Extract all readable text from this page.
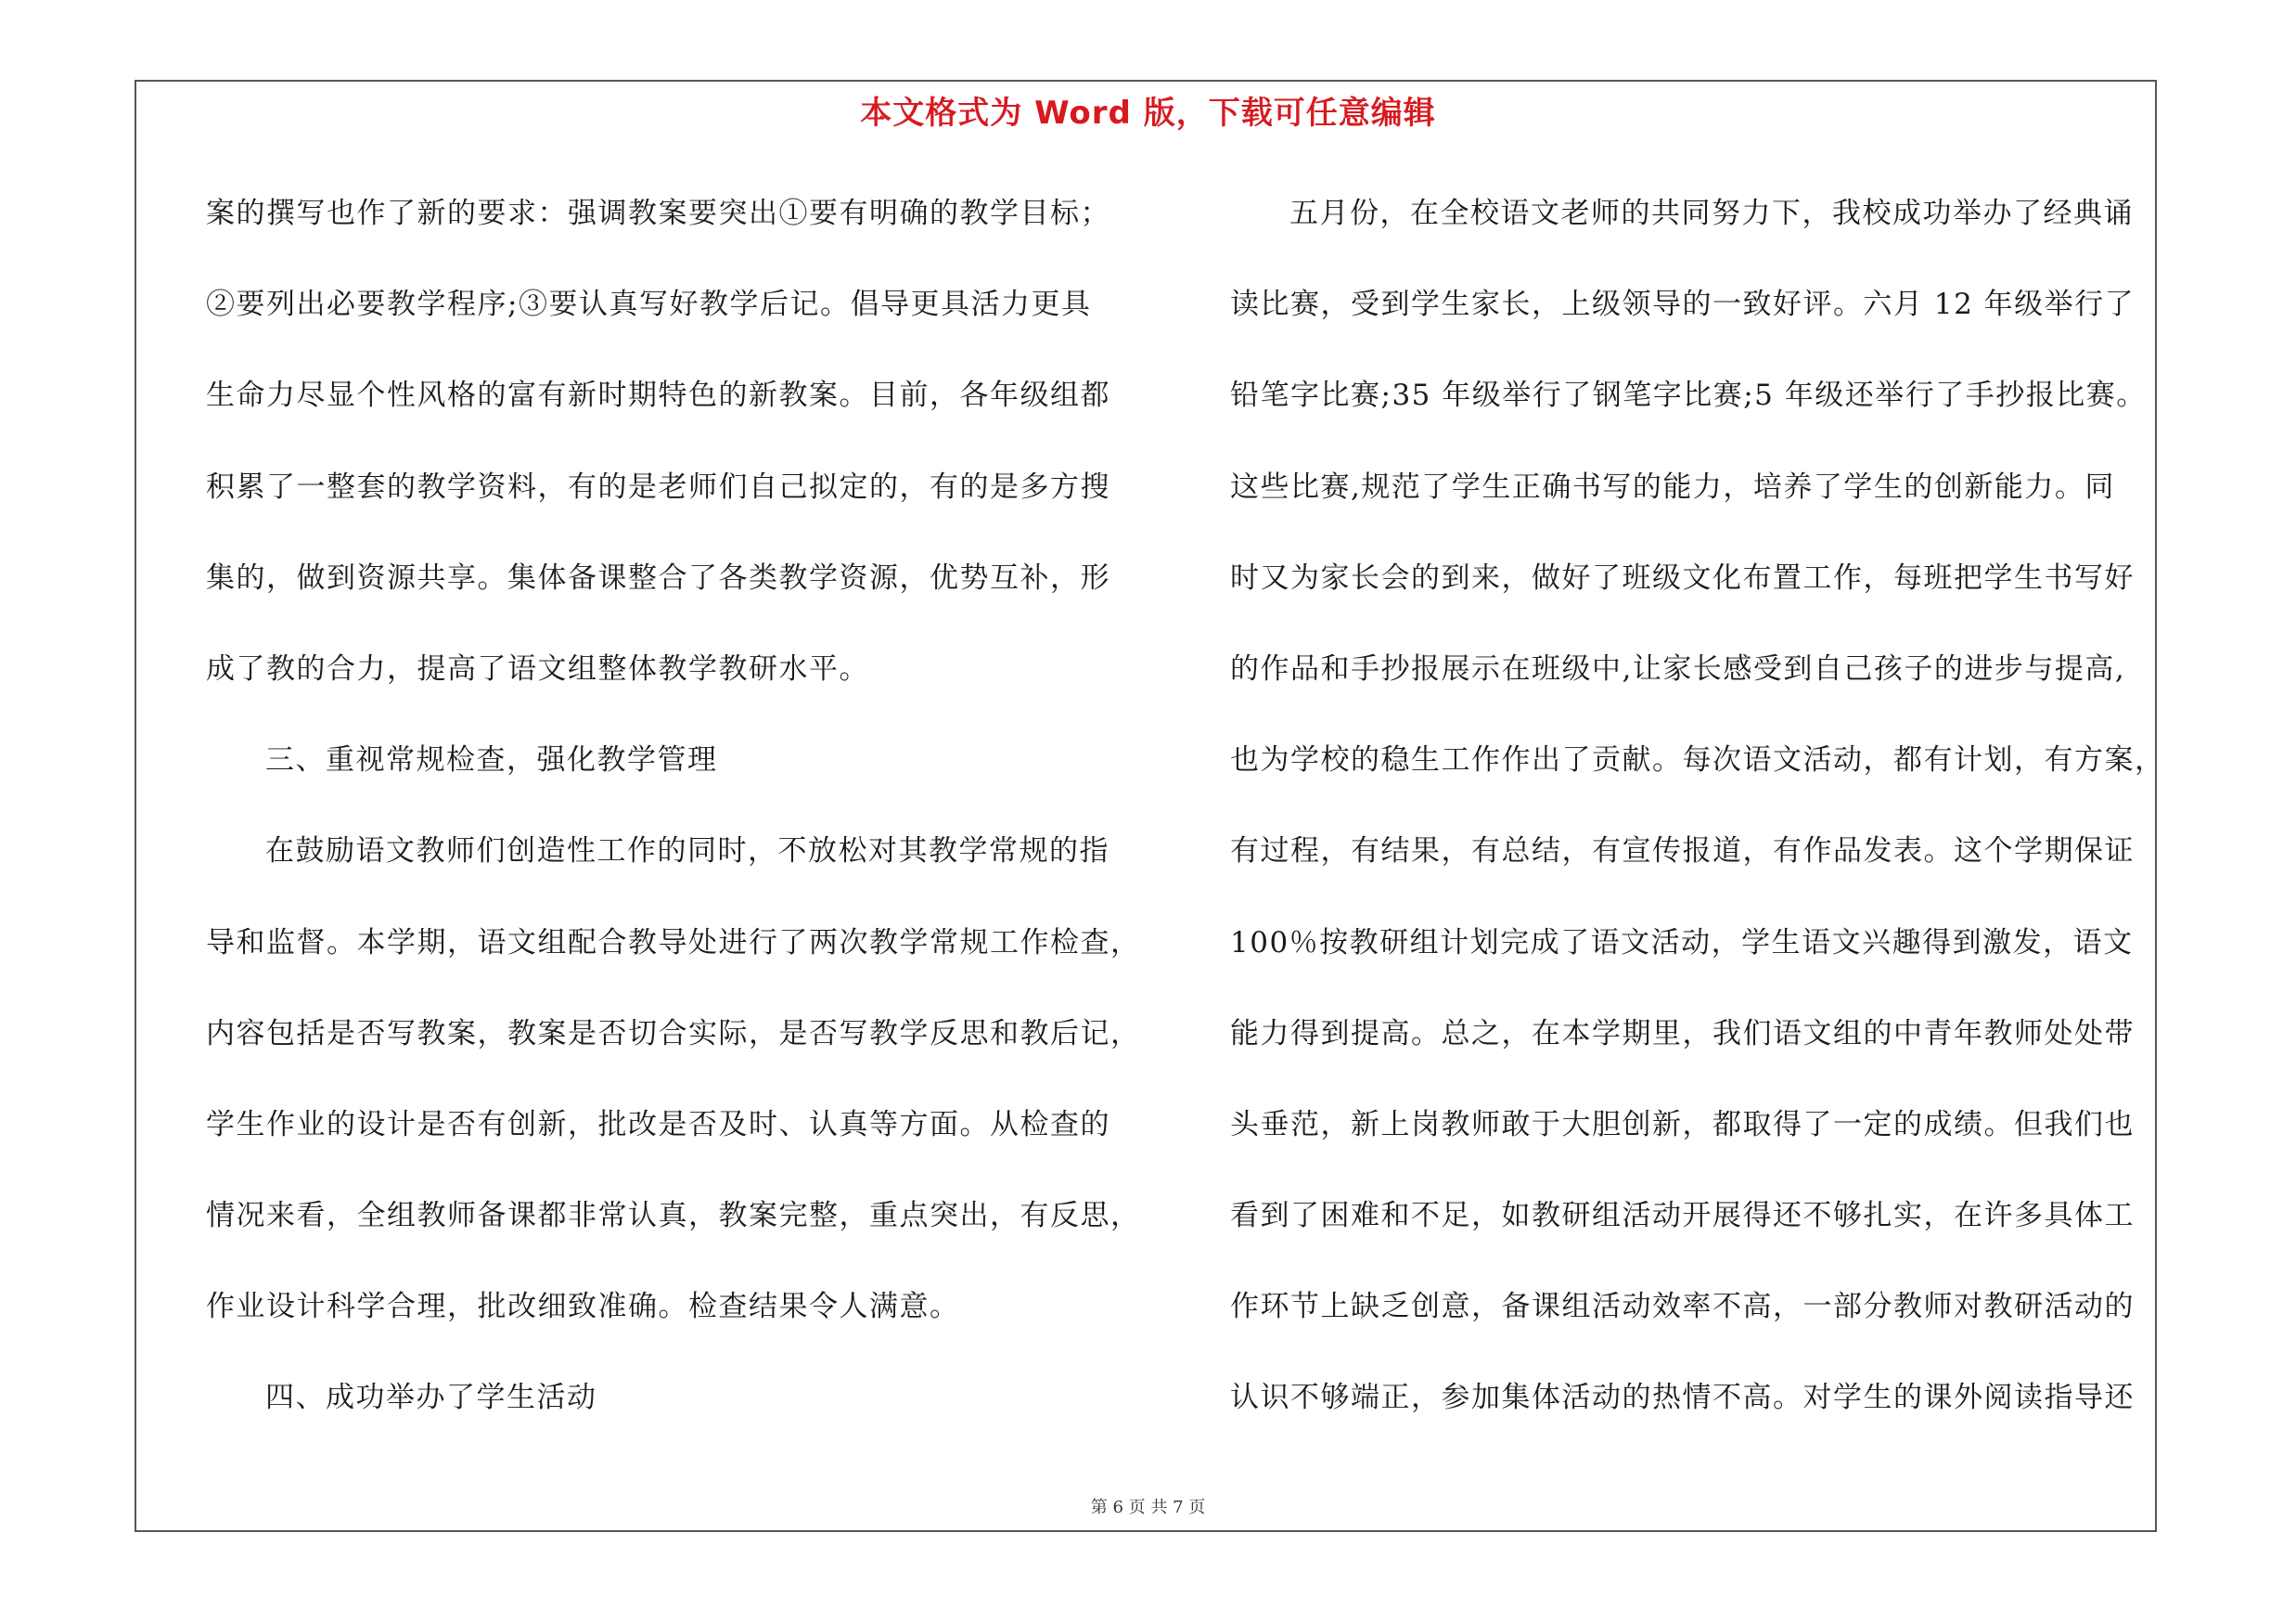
本文格式为 Word 版，下载可任意编辑
案的撰写也作了新的要求：强调教案要突出①要有明确的教学目标；
②要列出必要教学程序;③要认真写好教学后记。倡导更具活力更具
生命力尽显个性风格的富有新时期特色的新教案。目前，各年级组都
积累了一整套的教学资料，有的是老师们自己拟定的，有的是多方搜
集的，做到资源共享。集体备课整合了各类教学资源，优势互补，形
成了教的合力，提高了语文组整体教学教研水平。
三、重视常规检查，强化教学管理
在鼓励语文教师们创造性工作的同时，不放松对其教学常规的指
导和监督。本学期，语文组配合教导处进行了两次教学常规工作检查，
内容包括是否写教案，教案是否切合实际，是否写教学反思和教后记，
学生作业的设计是否有创新，批改是否及时、认真等方面。从检查的
情况来看，全组教师备课都非常认真，教案完整，重点突出，有反思，
作业设计科学合理，批改细致准确。检查结果令人满意。
四、成功举办了学生活动
五月份，在全校语文老师的共同努力下，我校成功举办了经典诵
读比赛，受到学生家长，上级领导的一致好评。六月 12 年级举行了
铅笔字比赛;35 年级举行了钢笔字比赛;5 年级还举行了手抄报比赛。
这些比赛,规范了学生正确书写的能力，培养了学生的创新能力。同
时又为家长会的到来，做好了班级文化布置工作，每班把学生书写好
的作品和手抄报展示在班级中,让家长感受到自己孩子的进步与提高,
也为学校的稳生工作作出了贡献。每次语文活动，都有计划，有方案，
有过程，有结果，有总结，有宣传报道，有作品发表。这个学期保证
100％按教研组计划完成了语文活动，学生语文兴趣得到激发，语文
能力得到提高。总之，在本学期里，我们语文组的中青年教师处处带
头垂范，新上岗教师敢于大胆创新，都取得了一定的成绩。但我们也
看到了困难和不足，如教研组活动开展得还不够扎实，在许多具体工
作环节上缺乏创意，备课组活动效率不高，一部分教师对教研活动的
认识不够端正，参加集体活动的热情不高。对学生的课外阅读指导还
第 6 页 共 7 页
